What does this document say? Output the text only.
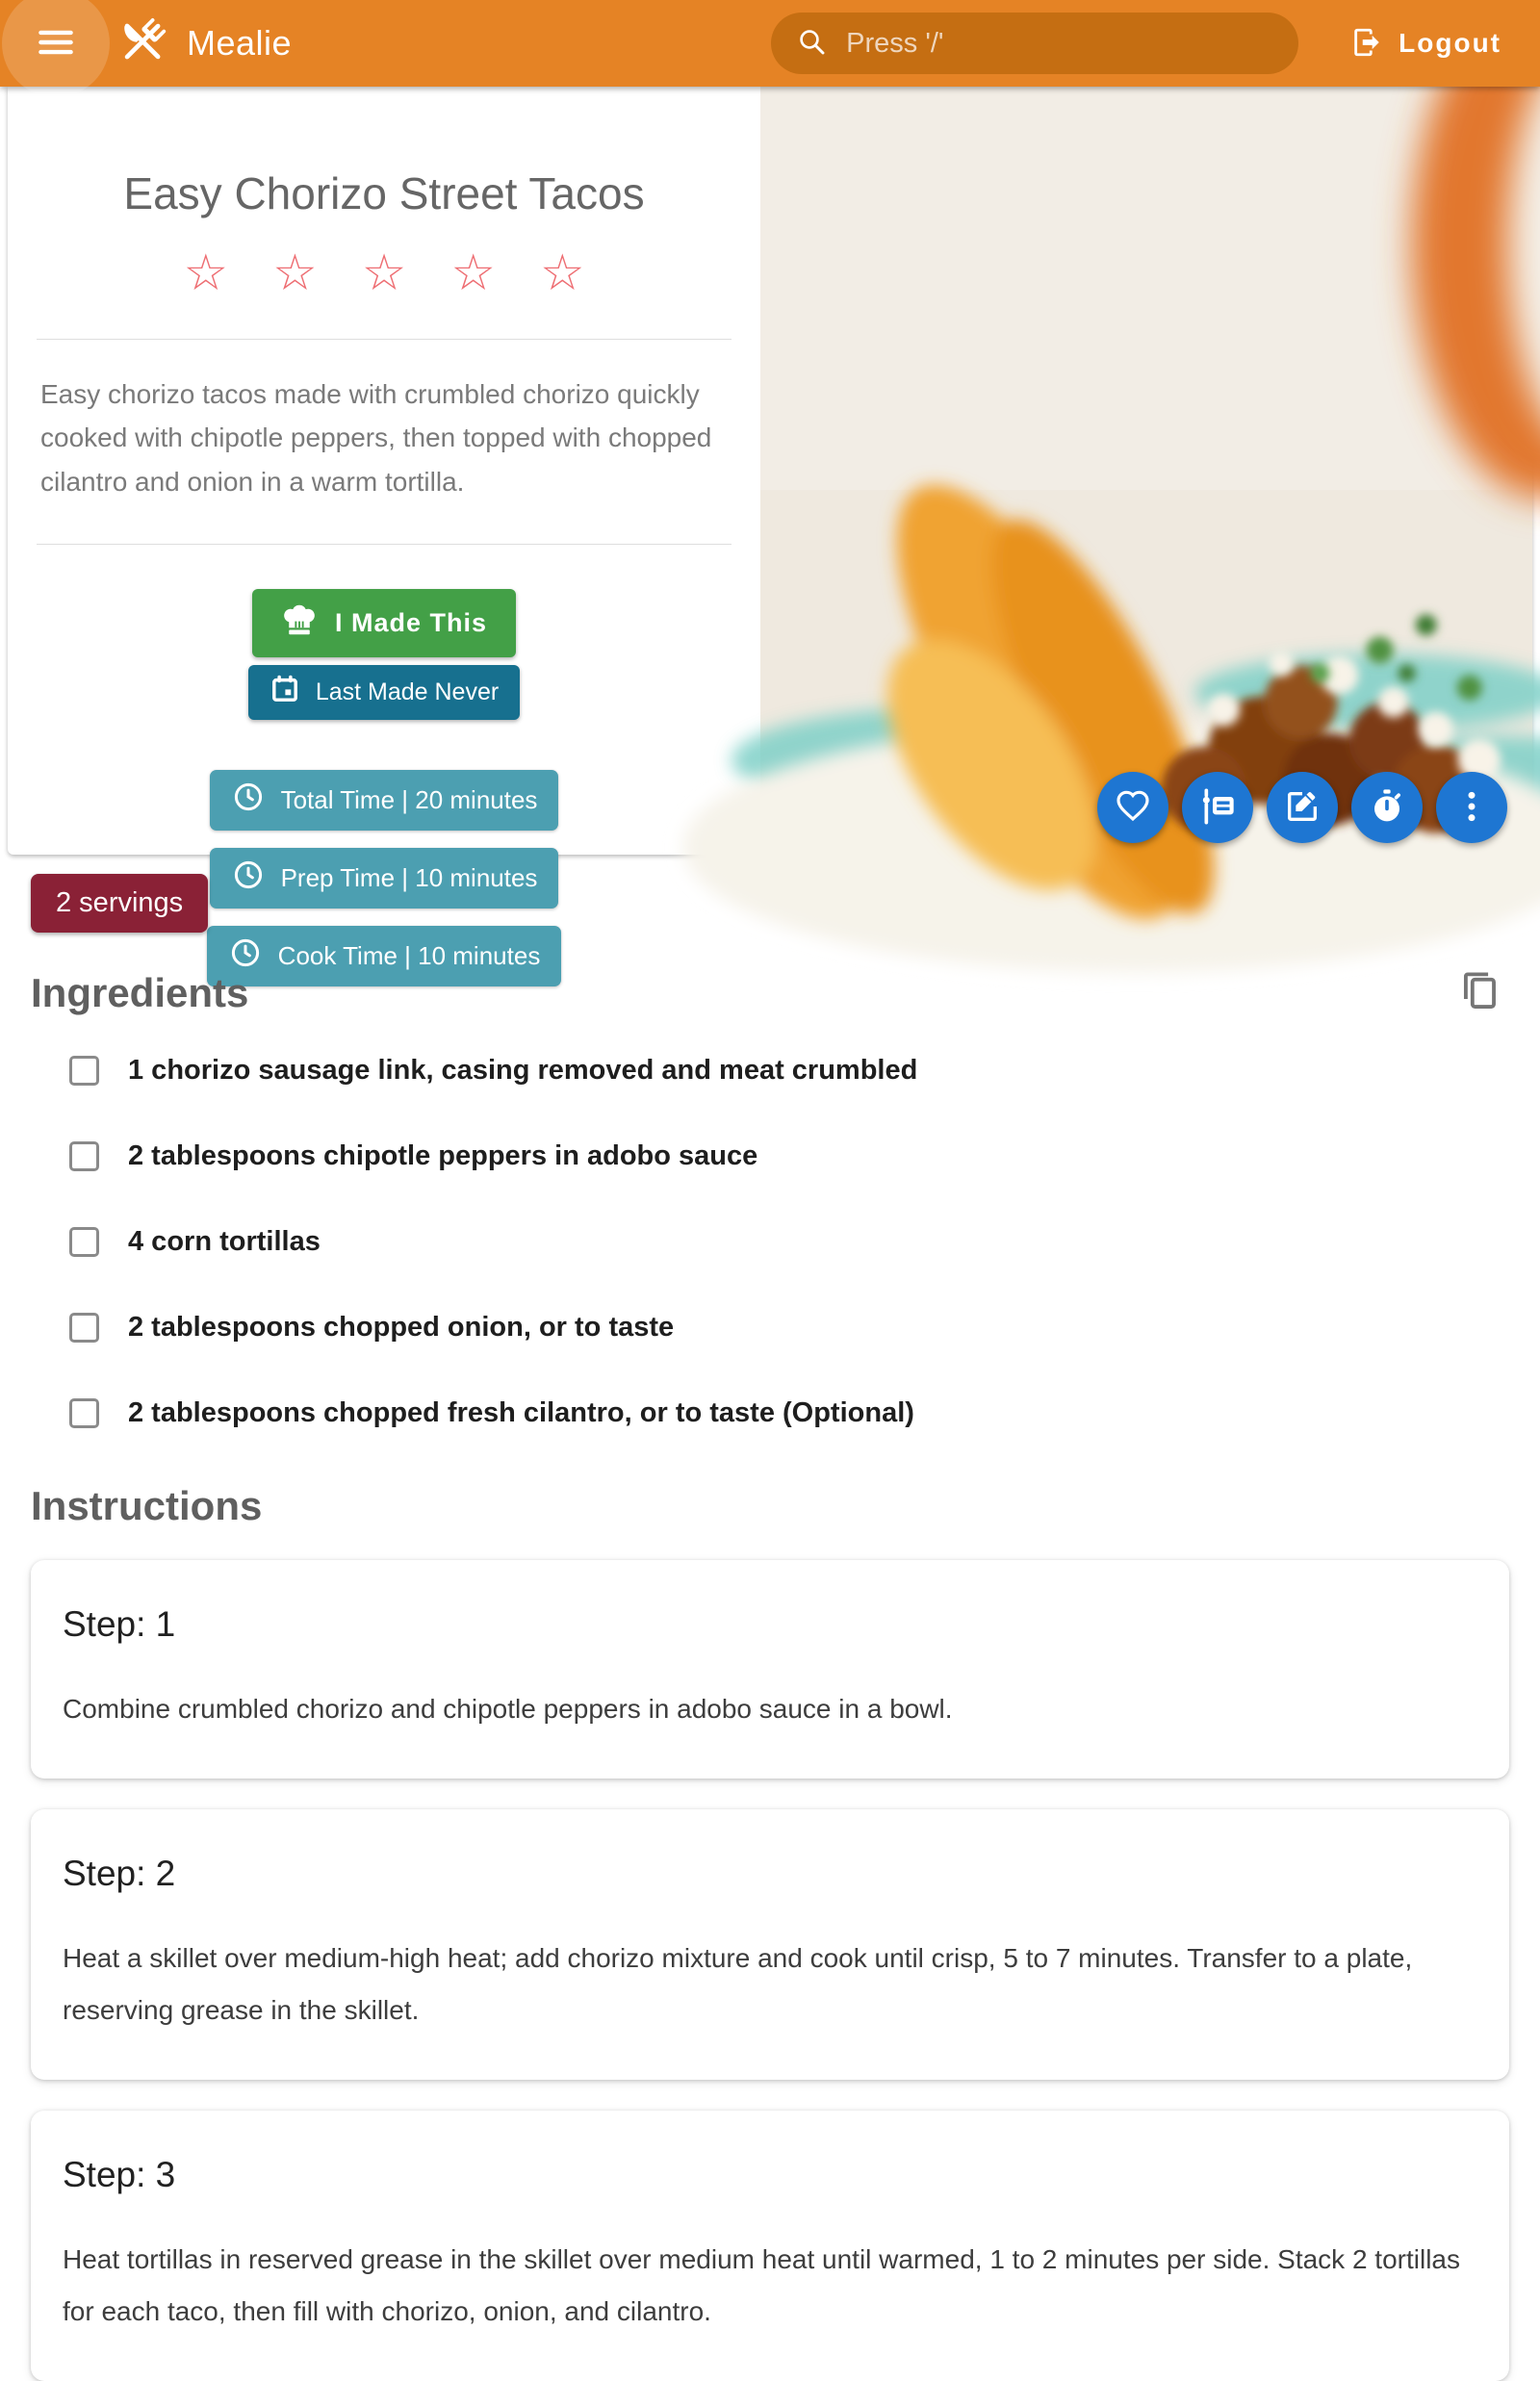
Mealie
Press '/'	Logout
Easy Chorizo Street Tacos
☆ ☆ ☆ ☆ ☆

Easy chorizo tacos made with crumbled chorizo quickly cooked with chipotle peppers, then topped with chopped cilantro and onion in a warm tortilla.

I Made This
Last Made Never
Total Time | 20 minutes
Prep Time | 10 minutes
Cook Time | 10 minutes
2 servings
Ingredients
1 chorizo sausage link, casing removed and meat crumbled
2 tablespoons chipotle peppers in adobo sauce
4 corn tortillas
2 tablespoons chopped onion, or to taste
2 tablespoons chopped fresh cilantro, or to taste (Optional)
Instructions
Step: 1
Combine crumbled chorizo and chipotle peppers in adobo sauce in a bowl.
Step: 2
Heat a skillet over medium-high heat; add chorizo mixture and cook until crisp, 5 to 7 minutes. Transfer to a plate, reserving grease in the skillet.
Step: 3
Heat tortillas in reserved grease in the skillet over medium heat until warmed, 1 to 2 minutes per side. Stack 2 tortillas for each taco, then fill with chorizo, onion, and cilantro.
